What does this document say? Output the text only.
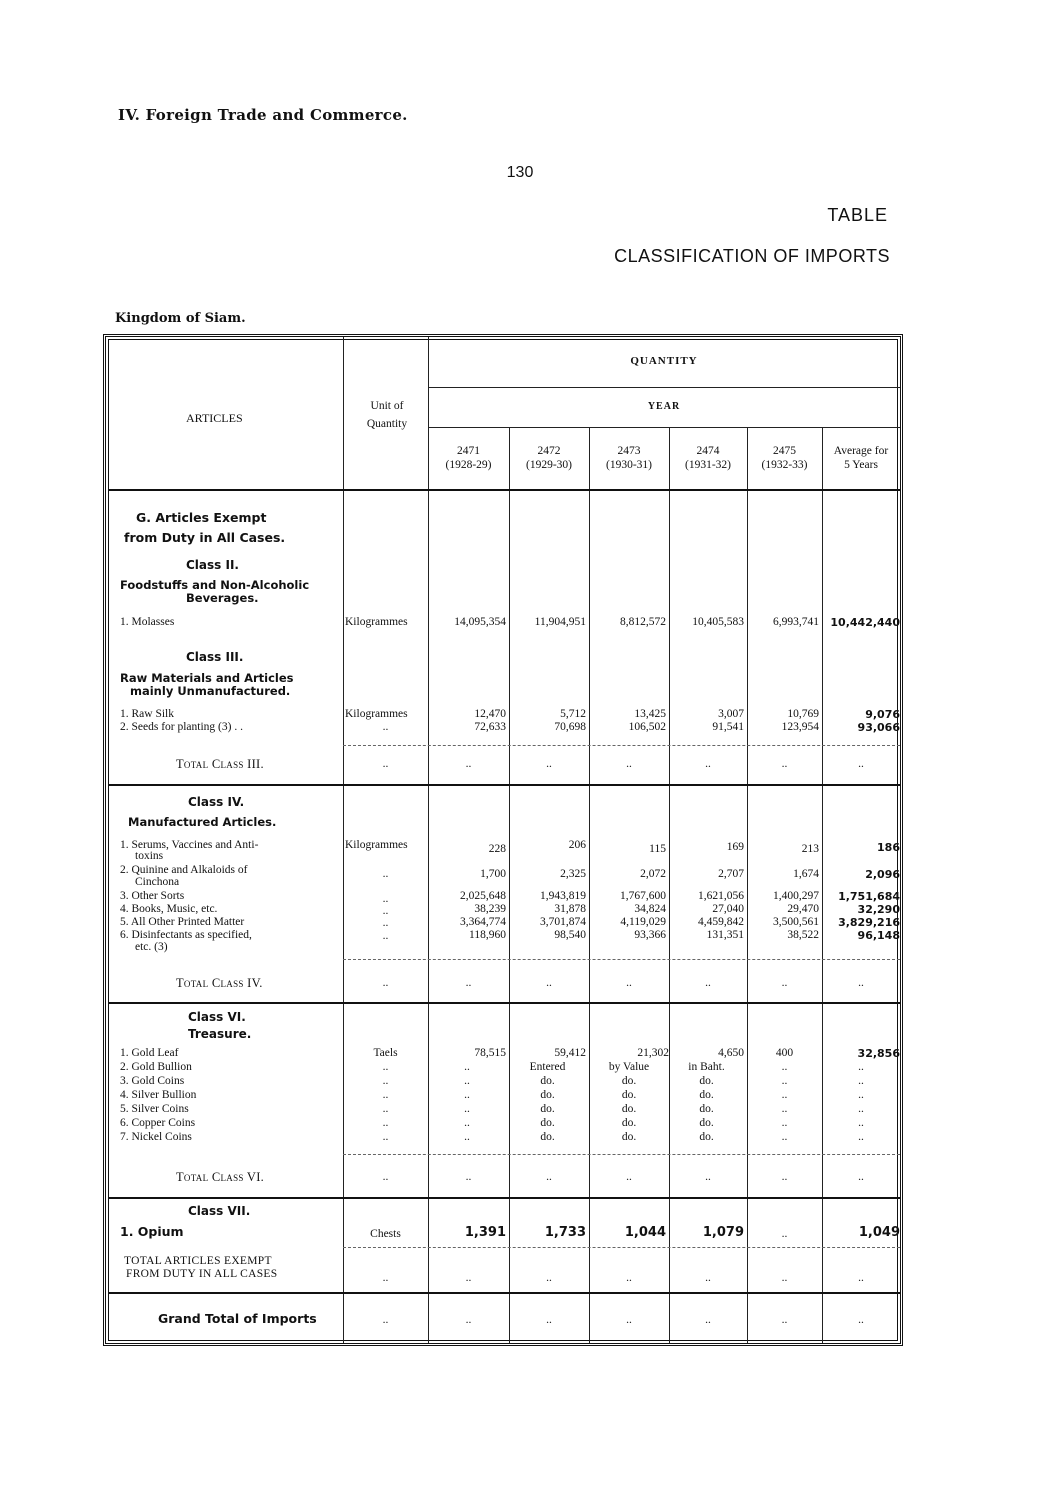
IV. Foreign Trade and Commerce.
130
TABLE
CLASSIFICATION OF IMPORTS
Kingdom of Siam.
ARTICLES
Unit of
Quantity
QUANTITY
YEAR
2471
(1928-29)
2472
(1929-30)
2473
(1930-31)
2474
(1931-32)
2475
(1932-33)
Average for
5 Years
G. Articles Exempt
from Duty in All Cases.
Class II.
Foodstuffs and Non-Alcoholic
Beverages.
1. Molasses	Kilogrammes	14,095,354	11,904,951	8,812,572	10,405,583	6,993,741	10,442,440
Class III.
Raw Materials and Articles
mainly Unmanufactured.
1. Raw Silk	Kilogrammes	12,470	5,712	13,425	3,007	10,769	9,076
2. Seeds for planting (3) . .	..	72,633	70,698	106,502	91,541	123,954	93,066
Total Class III.	..	..	..	..	..	..	..
Class IV.
Manufactured Articles.
1. Serums, Vaccines and Anti-
toxins
Kilogrammes	228	206	115	169	213	186
2. Quinine and Alkaloids of
Cinchona
..	1,700	2,325	2,072	2,707	1,674	2,096
3. Other Sorts	..	2,025,648	1,943,819	1,767,600	1,621,056	1,400,297	1,751,684
4. Books, Music, etc.	..	38,239	31,878	34,824	27,040	29,470	32,290
5. All Other Printed Matter	..	3,364,774	3,701,874	4,119,029	4,459,842	3,500,561	3,829,216
6. Disinfectants as specified,
etc. (3)
..	118,960	98,540	93,366	131,351	38,522	96,148
Total Class IV.	..	..	..	..	..	..	..
Class VI.
Treasure.
1. Gold Leaf	Taels	78,515	59,412	21,302	4,650	400	32,856
2. Gold Bullion	..	..	Entered	by Value	in Baht.	..	..
3. Gold Coins	..	..	do.	do.	do.	..	..
4. Silver Bullion	..	..	do.	do.	do.	..	..
5. Silver Coins	..	..	do.	do.	do.	..	..
6. Copper Coins	..	..	do.	do.	do.	..	..
7. Nickel Coins	..	..	do.	do.	do.	..	..
Total Class VI.	..	..	..	..	..	..	..
Class VII.
1. Opium	Chests	1,391	1,733	1,044	1,079	..	1,049
TOTAL ARTICLES EXEMPT
FROM DUTY IN ALL CASES	..	..	..	..	..	..	..
Grand Total of Imports	..	..	..	..	..	..	..
